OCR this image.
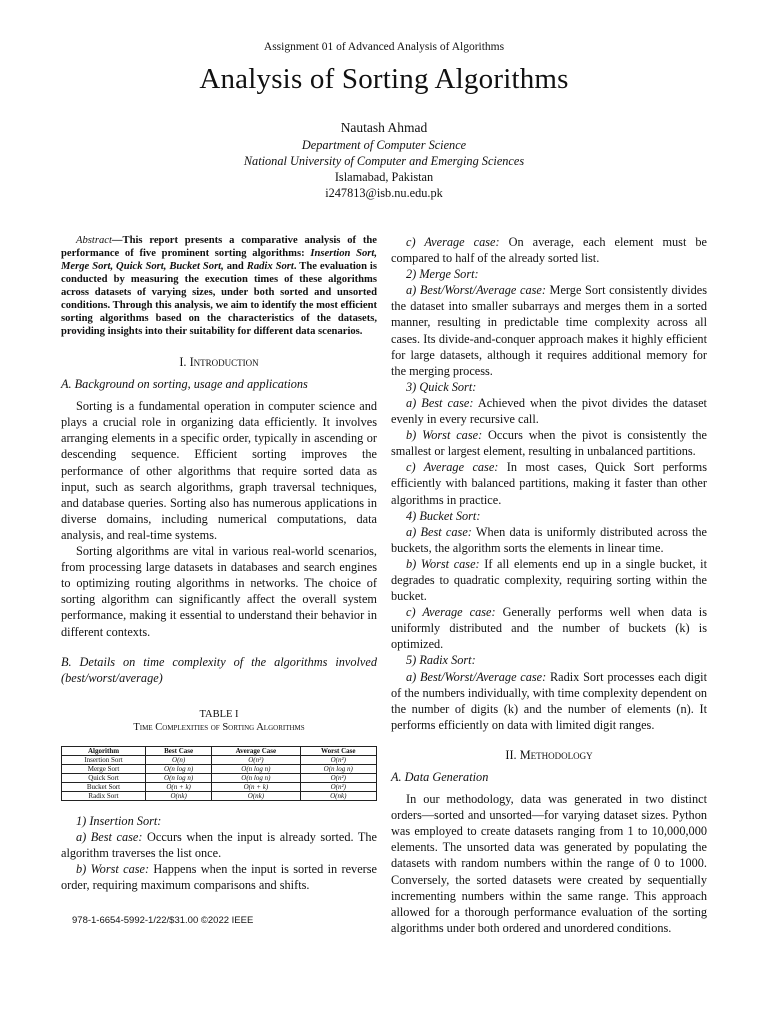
Assignment 01 of Advanced Analysis of Algorithms
Analysis of Sorting Algorithms
Nautash Ahmad
Department of Computer Science
National University of Computer and Emerging Sciences
Islamabad, Pakistan
i247813@isb.nu.edu.pk
Abstract—This report presents a comparative analysis of the performance of five prominent sorting algorithms: Insertion Sort, Merge Sort, Quick Sort, Bucket Sort, and Radix Sort. The evaluation is conducted by measuring the execution times of these algorithms across datasets of varying sizes, under both sorted and unsorted conditions. Through this analysis, we aim to identify the most efficient sorting algorithms based on the characteristics of the datasets, providing insights into their suitability for different data scenarios.
I. Introduction
A. Background on sorting, usage and applications

Sorting is a fundamental operation in computer science and plays a crucial role in organizing data efficiently. It involves arranging elements in a specific order, typically in ascending or descending sequence. Efficient sorting improves the performance of other algorithms that require sorted data as input, such as search algorithms, graph traversal techniques, and database queries. Sorting also has numerous applications in diverse domains, including numerical computations, data analysis, and real-time systems.

Sorting algorithms are vital in various real-world scenarios, from processing large datasets in databases and search engines to optimizing routing algorithms in networks. The choice of sorting algorithm can significantly affect the overall system performance, making it essential to understand their behavior in different contexts.

B. Details on time complexity of the algorithms involved (best/worst/average)
TABLE I
Time Complexities of Sorting Algorithms
Algorithm	Best Case	Average Case	Worst Case
Insertion Sort	O(n)	O(n²)	O(n²)
Merge Sort	O(n log n)	O(n log n)	O(n log n)
Quick Sort	O(n log n)	O(n log n)	O(n²)
Bucket Sort	O(n + k)	O(n + k)	O(n²)
Radix Sort	O(nk)	O(nk)	O(nk)
1) Insertion Sort:

a) Best case: Occurs when the input is already sorted. The algorithm traverses the list once.

b) Worst case: Happens when the input is sorted in reverse order, requiring maximum comparisons and shifts.

c) Average case: On average, each element must be compared to half of the already sorted list.

2) Merge Sort:

a) Best/Worst/Average case: Merge Sort consistently divides the dataset into smaller subarrays and merges them in a sorted manner, resulting in predictable time complexity across all cases. Its divide-and-conquer approach makes it highly efficient for large datasets, although it requires additional memory for the merging process.

3) Quick Sort:

a) Best case: Achieved when the pivot divides the dataset evenly in every recursive call.

b) Worst case: Occurs when the pivot is consistently the smallest or largest element, resulting in unbalanced partitions.

c) Average case: In most cases, Quick Sort performs efficiently with balanced partitions, making it faster than other algorithms in practice.

4) Bucket Sort:

a) Best case: When data is uniformly distributed across the buckets, the algorithm sorts the elements in linear time.

b) Worst case: If all elements end up in a single bucket, it degrades to quadratic complexity, requiring sorting within the bucket.

c) Average case: Generally performs well when data is uniformly distributed and the number of buckets (k) is optimized.

5) Radix Sort:

a) Best/Worst/Average case: Radix Sort processes each digit of the numbers individually, with time complexity dependent on the number of digits (k) and the number of elements (n). It performs efficiently on data with limited digit ranges.

II. Methodology
A. Data Generation

In our methodology, data was generated in two distinct orders—sorted and unsorted—for varying dataset sizes. Python was employed to create datasets ranging from 1 to 10,000,000 elements. The unsorted data was generated by populating the datasets with random numbers within the range of 0 to 1000. Conversely, the sorted datasets were created by sequentially incrementing numbers within the same range. This approach allowed for a thorough performance evaluation of the sorting algorithms under both ordered and unordered conditions.

978-1-6654-5992-1/22/$31.00 ©2022 IEEE
